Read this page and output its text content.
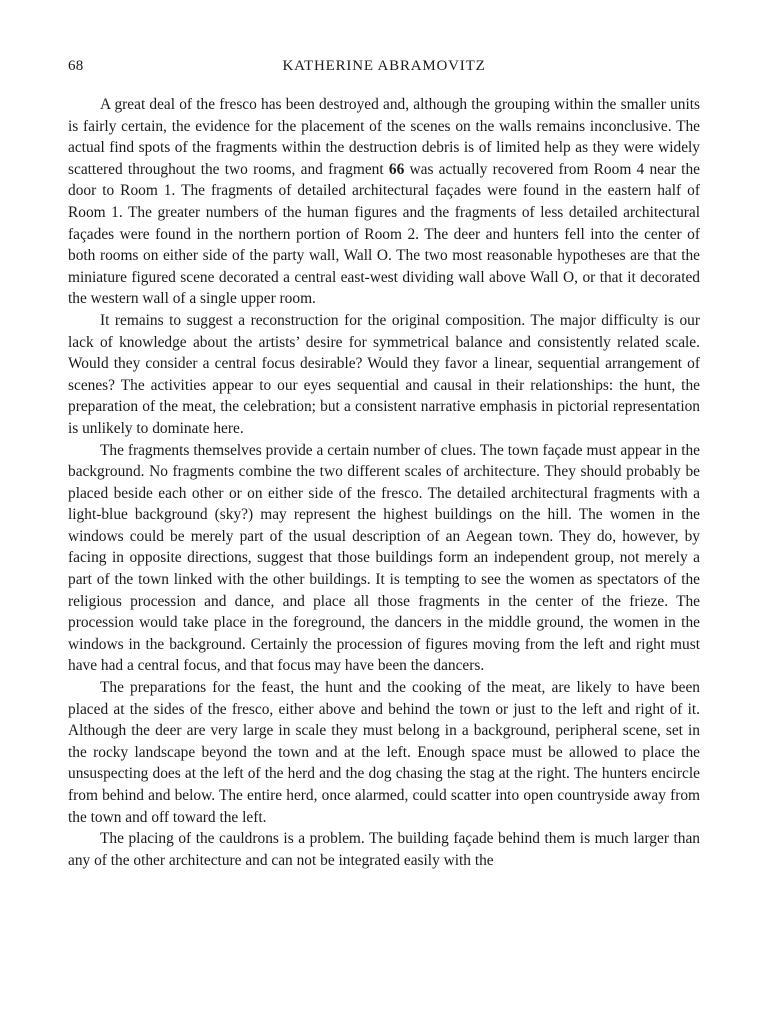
68	KATHERINE ABRAMOVITZ

A great deal of the fresco has been destroyed and, although the grouping within the smaller units is fairly certain, the evidence for the placement of the scenes on the walls remains inconclusive. The actual find spots of the fragments within the destruction debris is of limited help as they were widely scattered throughout the two rooms, and fragment 66 was actually recovered from Room 4 near the door to Room 1. The fragments of detailed architectural façades were found in the eastern half of Room 1. The greater numbers of the human figures and the fragments of less detailed architectural façades were found in the northern portion of Room 2. The deer and hunters fell into the center of both rooms on either side of the party wall, Wall O. The two most reasonable hypotheses are that the miniature figured scene decorated a central east-west dividing wall above Wall O, or that it decorated the western wall of a single upper room.

It remains to suggest a reconstruction for the original composition. The major difficulty is our lack of knowledge about the artists’ desire for symmetrical balance and consistently related scale. Would they consider a central focus desirable? Would they favor a linear, sequential arrangement of scenes? The activities appear to our eyes sequential and causal in their relationships: the hunt, the preparation of the meat, the celebration; but a consistent narrative emphasis in pictorial representation is unlikely to dominate here.

The fragments themselves provide a certain number of clues. The town façade must appear in the background. No fragments combine the two different scales of architecture. They should probably be placed beside each other or on either side of the fresco. The detailed architectural fragments with a light-blue background (sky?) may represent the highest buildings on the hill. The women in the windows could be merely part of the usual description of an Aegean town. They do, however, by facing in opposite directions, suggest that those buildings form an independent group, not merely a part of the town linked with the other buildings. It is tempting to see the women as spectators of the religious procession and dance, and place all those fragments in the center of the frieze. The procession would take place in the foreground, the dancers in the middle ground, the women in the windows in the background. Certainly the procession of figures moving from the left and right must have had a central focus, and that focus may have been the dancers.

The preparations for the feast, the hunt and the cooking of the meat, are likely to have been placed at the sides of the fresco, either above and behind the town or just to the left and right of it. Although the deer are very large in scale they must belong in a background, peripheral scene, set in the rocky landscape beyond the town and at the left. Enough space must be allowed to place the unsuspecting does at the left of the herd and the dog chasing the stag at the right. The hunters encircle from behind and below. The entire herd, once alarmed, could scatter into open countryside away from the town and off toward the left.

The placing of the cauldrons is a problem. The building façade behind them is much larger than any of the other architecture and can not be integrated easily with the
